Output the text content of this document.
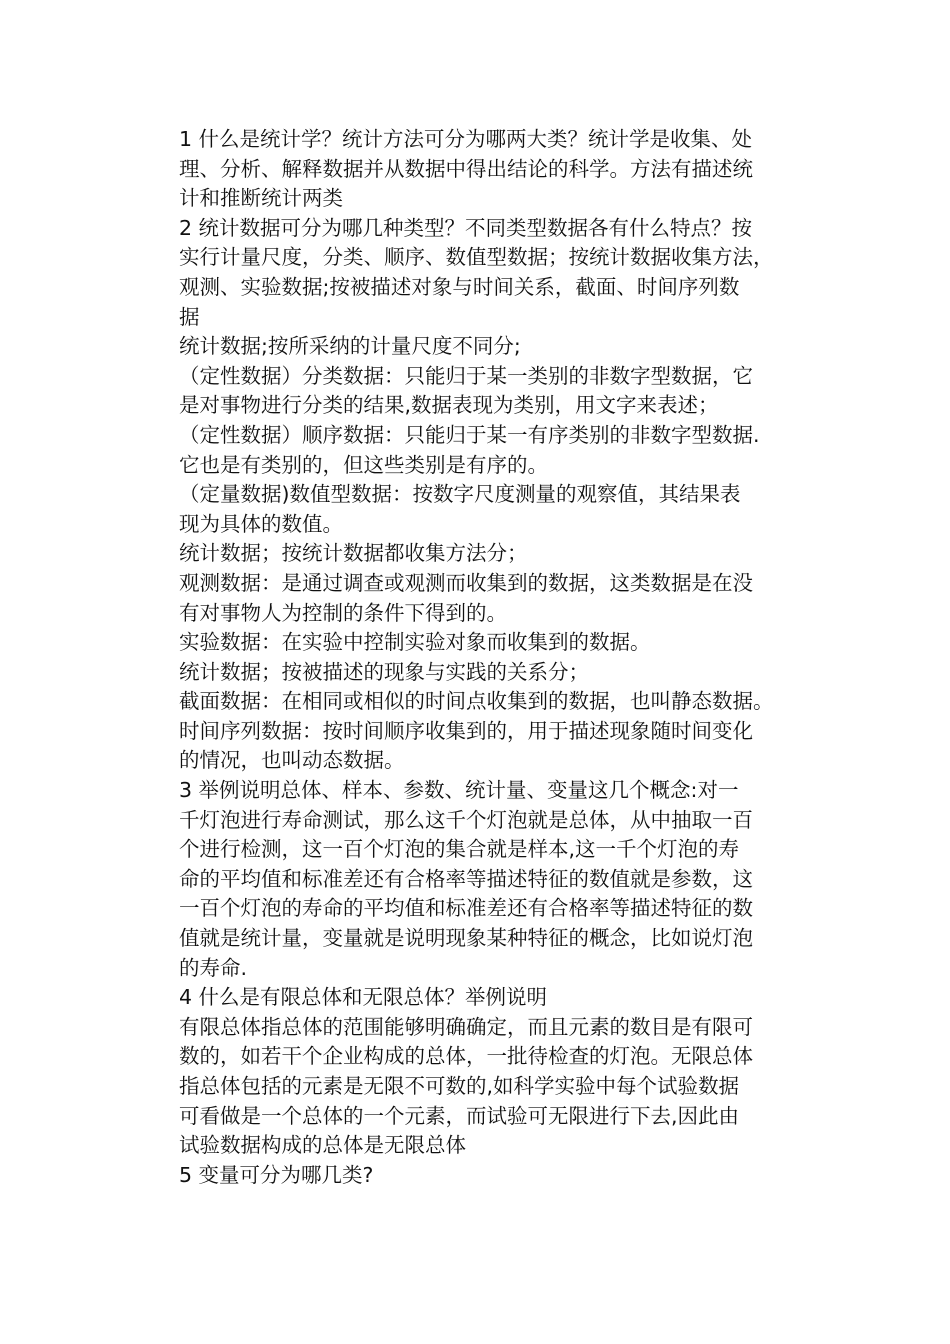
1 什么是统计学？统计方法可分为哪两大类？统计学是收集、处
理、分析、解释数据并从数据中得出结论的科学。方法有描述统
计和推断统计两类
2 统计数据可分为哪几种类型？不同类型数据各有什么特点？按
实行计量尺度，分类、顺序、数值型数据；按统计数据收集方法，
观测、实验数据;按被描述对象与时间关系，截面、时间序列数
据
统计数据;按所采纳的计量尺度不同分;
（定性数据）分类数据：只能归于某一类别的非数字型数据，它
是对事物进行分类的结果,数据表现为类别，用文字来表述；
（定性数据）顺序数据：只能归于某一有序类别的非数字型数据.
它也是有类别的，但这些类别是有序的。
（定量数据)数值型数据：按数字尺度测量的观察值，其结果表
现为具体的数值。
统计数据；按统计数据都收集方法分；
观测数据：是通过调查或观测而收集到的数据，这类数据是在没
有对事物人为控制的条件下得到的。
实验数据：在实验中控制实验对象而收集到的数据。
统计数据；按被描述的现象与实践的关系分；
截面数据：在相同或相似的时间点收集到的数据，也叫静态数据。
时间序列数据：按时间顺序收集到的，用于描述现象随时间变化
的情况，也叫动态数据。
3 举例说明总体、样本、参数、统计量、变量这几个概念:对一
千灯泡进行寿命测试，那么这千个灯泡就是总体，从中抽取一百
个进行检测，这一百个灯泡的集合就是样本,这一千个灯泡的寿
命的平均值和标准差还有合格率等描述特征的数值就是参数，这
一百个灯泡的寿命的平均值和标准差还有合格率等描述特征的数
值就是统计量，变量就是说明现象某种特征的概念，比如说灯泡
的寿命.
4 什么是有限总体和无限总体？举例说明
有限总体指总体的范围能够明确确定，而且元素的数目是有限可
数的，如若干个企业构成的总体，一批待检查的灯泡。无限总体
指总体包括的元素是无限不可数的,如科学实验中每个试验数据
可看做是一个总体的一个元素，而试验可无限进行下去,因此由
试验数据构成的总体是无限总体
5 变量可分为哪几类?
